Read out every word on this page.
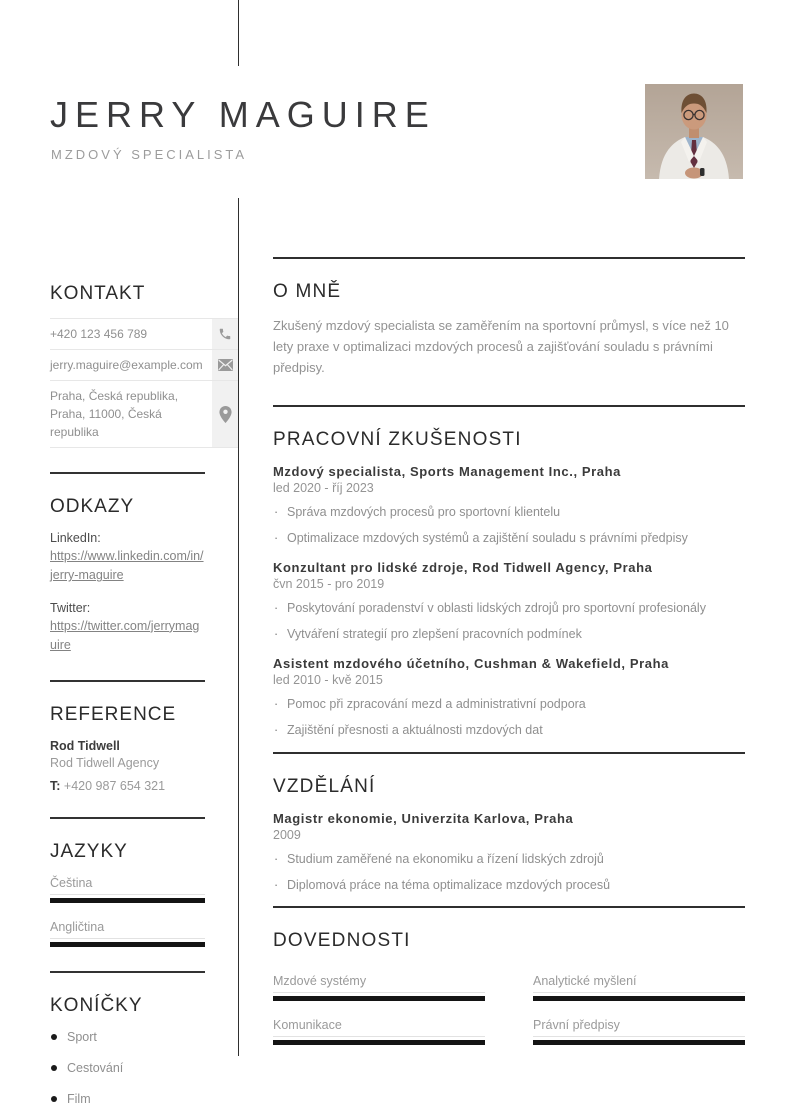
JERRY MAGUIRE
MZDOVÝ SPECIALISTA
KONTAKT
+420 123 456 789
jerry.maguire@example.com
Praha, Česká republika,
Praha, 11000, Česká republika
ODKAZY
LinkedIn:
https://www.linkedin.com/in/jerry-maguire
Twitter:
https://twitter.com/jerrymaguire
REFERENCE
Rod Tidwell
Rod Tidwell Agency
T: +420 987 654 321
JAZYKY
Čeština
Angličtina
KONÍČKY
Sport
Cestování
Film
O MNĚ

Zkušený mzdový specialista se zaměřením na sportovní průmysl, s více než 10 lety praxe v optimalizaci mzdových procesů a zajišťování souladu s právními předpisy.

PRACOVNÍ ZKUŠENOSTI
Mzdový specialista, Sports Management Inc., Praha
led 2020 - říj 2023
· Správa mzdových procesů pro sportovní klientelu
· Optimalizace mzdových systémů a zajištění souladu s právními předpisy
Konzultant pro lidské zdroje, Rod Tidwell Agency, Praha
čvn 2015 - pro 2019
· Poskytování poradenství v oblasti lidských zdrojů pro sportovní profesionály
· Vytváření strategií pro zlepšení pracovních podmínek
Asistent mzdového účetního, Cushman & Wakefield, Praha
led 2010 - kvě 2015
· Pomoc při zpracování mezd a administrativní podpora
· Zajištění přesnosti a aktuálnosti mzdových dat
VZDĚLÁNÍ
Magistr ekonomie, Univerzita Karlova, Praha
2009
· Studium zaměřené na ekonomiku a řízení lidských zdrojů
· Diplomová práce na téma optimalizace mzdových procesů
DOVEDNOSTI
Mzdové systémy	Analytické myšlení
Komunikace	Právní předpisy
